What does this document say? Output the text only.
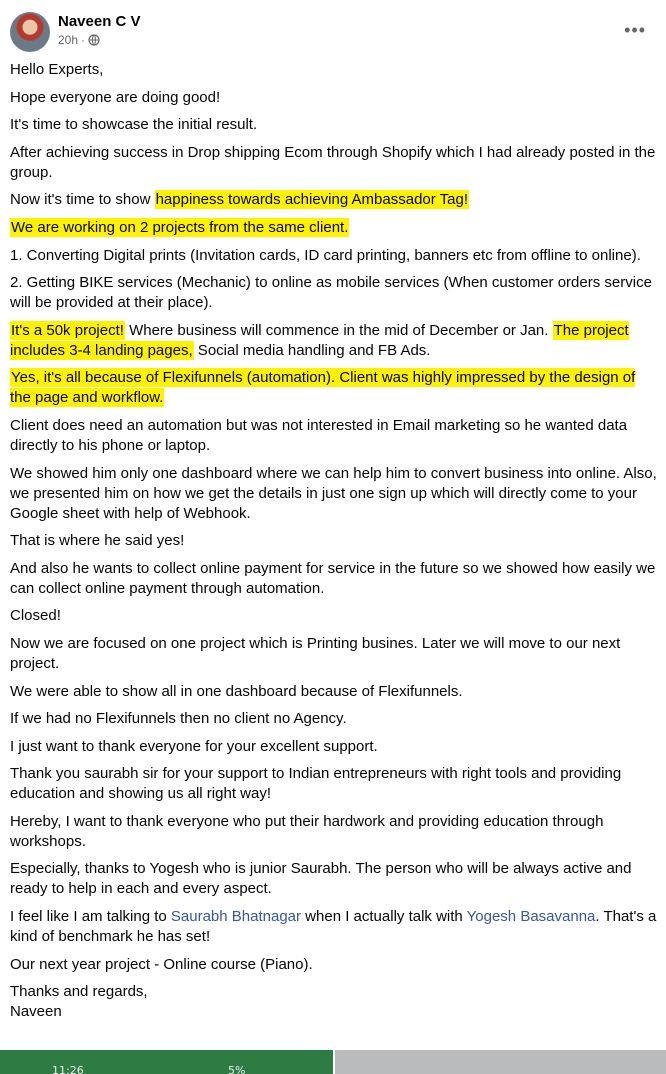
Naveen C V
20h ·	•••

Hello Experts,

Hope everyone are doing good!

It's time to showcase the initial result.

After achieving success in Drop shipping Ecom through Shopify which I had already posted in the group.

Now it's time to show happiness towards achieving Ambassador Tag!

We are working on 2 projects from the same client.

1. Converting Digital prints (Invitation cards, ID card printing, banners etc from offline to online).

2. Getting BIKE services (Mechanic) to online as mobile services (When customer orders service will be provided at their place).

It's a 50k project! Where business will commence in the mid of December or Jan. The project includes 3-4 landing pages, Social media handling and FB Ads.

Yes, it's all because of Flexifunnels (automation). Client was highly impressed by the design of the page and workflow.

Client does need an automation but was not interested in Email marketing so he wanted data directly to his phone or laptop.

We showed him only one dashboard where we can help him to convert business into online. Also, we presented him on how we get the details in just one sign up which will directly come to your Google sheet with help of Webhook.

That is where he said yes!

And also he wants to collect online payment for service in the future so we showed how easily we can collect online payment through automation.

Closed!

Now we are focused on one project which is Printing busines. Later we will move to our next project.

We were able to show all in one dashboard because of Flexifunnels.

If we had no Flexifunnels then no client no Agency.

I just want to thank everyone for your excellent support.

Thank you saurabh sir for your support to Indian entrepreneurs with right tools and providing education and showing us all right way!

Hereby, I want to thank everyone who put their hardwork and providing education through workshops.

Especially, thanks to Yogesh who is junior Saurabh. The person who will be always active and ready to help in each and every aspect.

I feel like I am talking to Saurabh Bhatnagar when I actually talk with Yogesh Basavanna. That's a kind of benchmark he has set!

Our next year project - Online course (Piano).

Thanks and regards,
Naveen

11:26	5%
